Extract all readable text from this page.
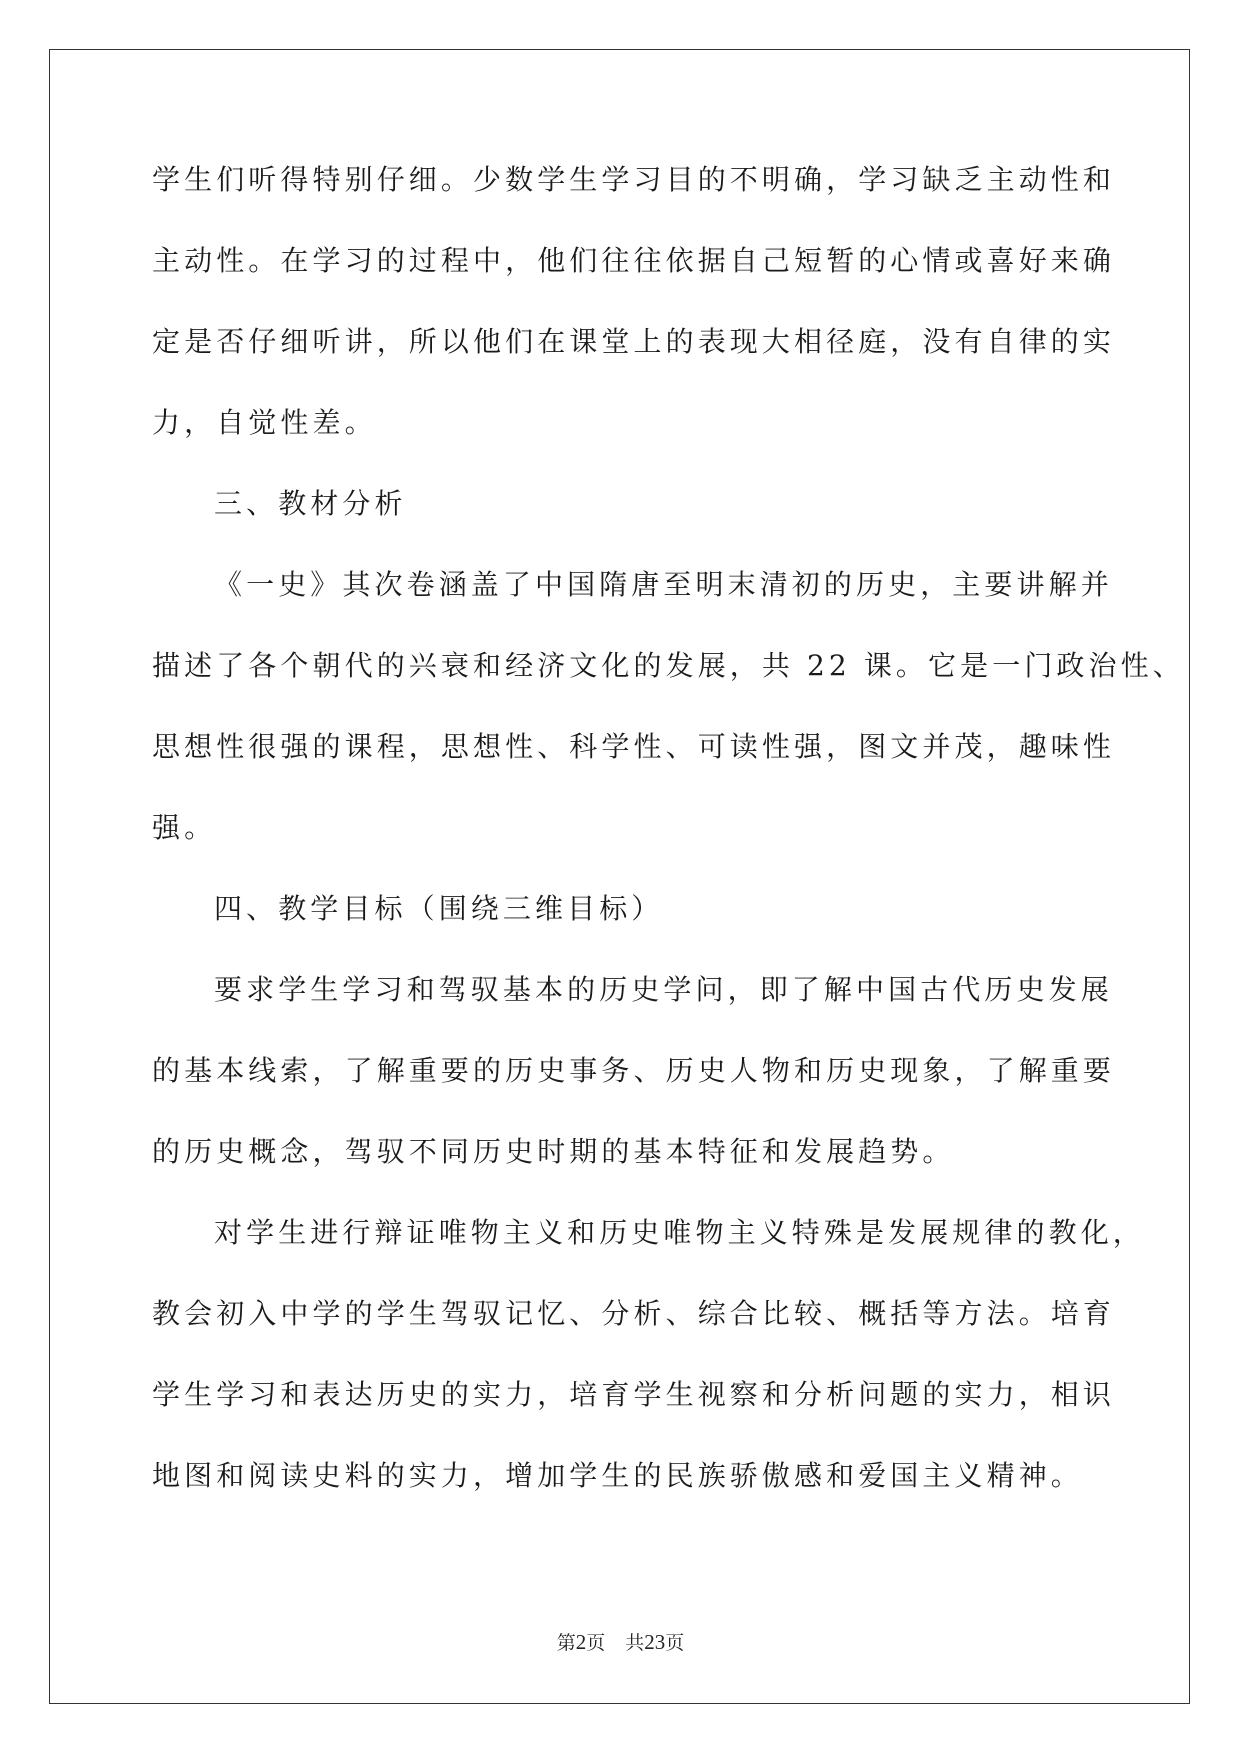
学生们听得特别仔细。少数学生学习目的不明确，学习缺乏主动性和

主动性。在学习的过程中，他们往往依据自己短暂的心情或喜好来确

定是否仔细听讲，所以他们在课堂上的表现大相径庭，没有自律的实

力，自觉性差。

三、教材分析

《一史》其次卷涵盖了中国隋唐至明末清初的历史，主要讲解并

描述了各个朝代的兴衰和经济文化的发展，共 22 课。它是一门政治性、

思想性很强的课程，思想性、科学性、可读性强，图文并茂，趣味性

强。

四、教学目标（围绕三维目标）

要求学生学习和驾驭基本的历史学问，即了解中国古代历史发展

的基本线索，了解重要的历史事务、历史人物和历史现象，了解重要

的历史概念，驾驭不同历史时期的基本特征和发展趋势。

对学生进行辩证唯物主义和历史唯物主义特殊是发展规律的教化，

教会初入中学的学生驾驭记忆、分析、综合比较、概括等方法。培育

学生学习和表达历史的实力，培育学生视察和分析问题的实力，相识

地图和阅读史料的实力，增加学生的民族骄傲感和爱国主义精神。

第2页 共23页
